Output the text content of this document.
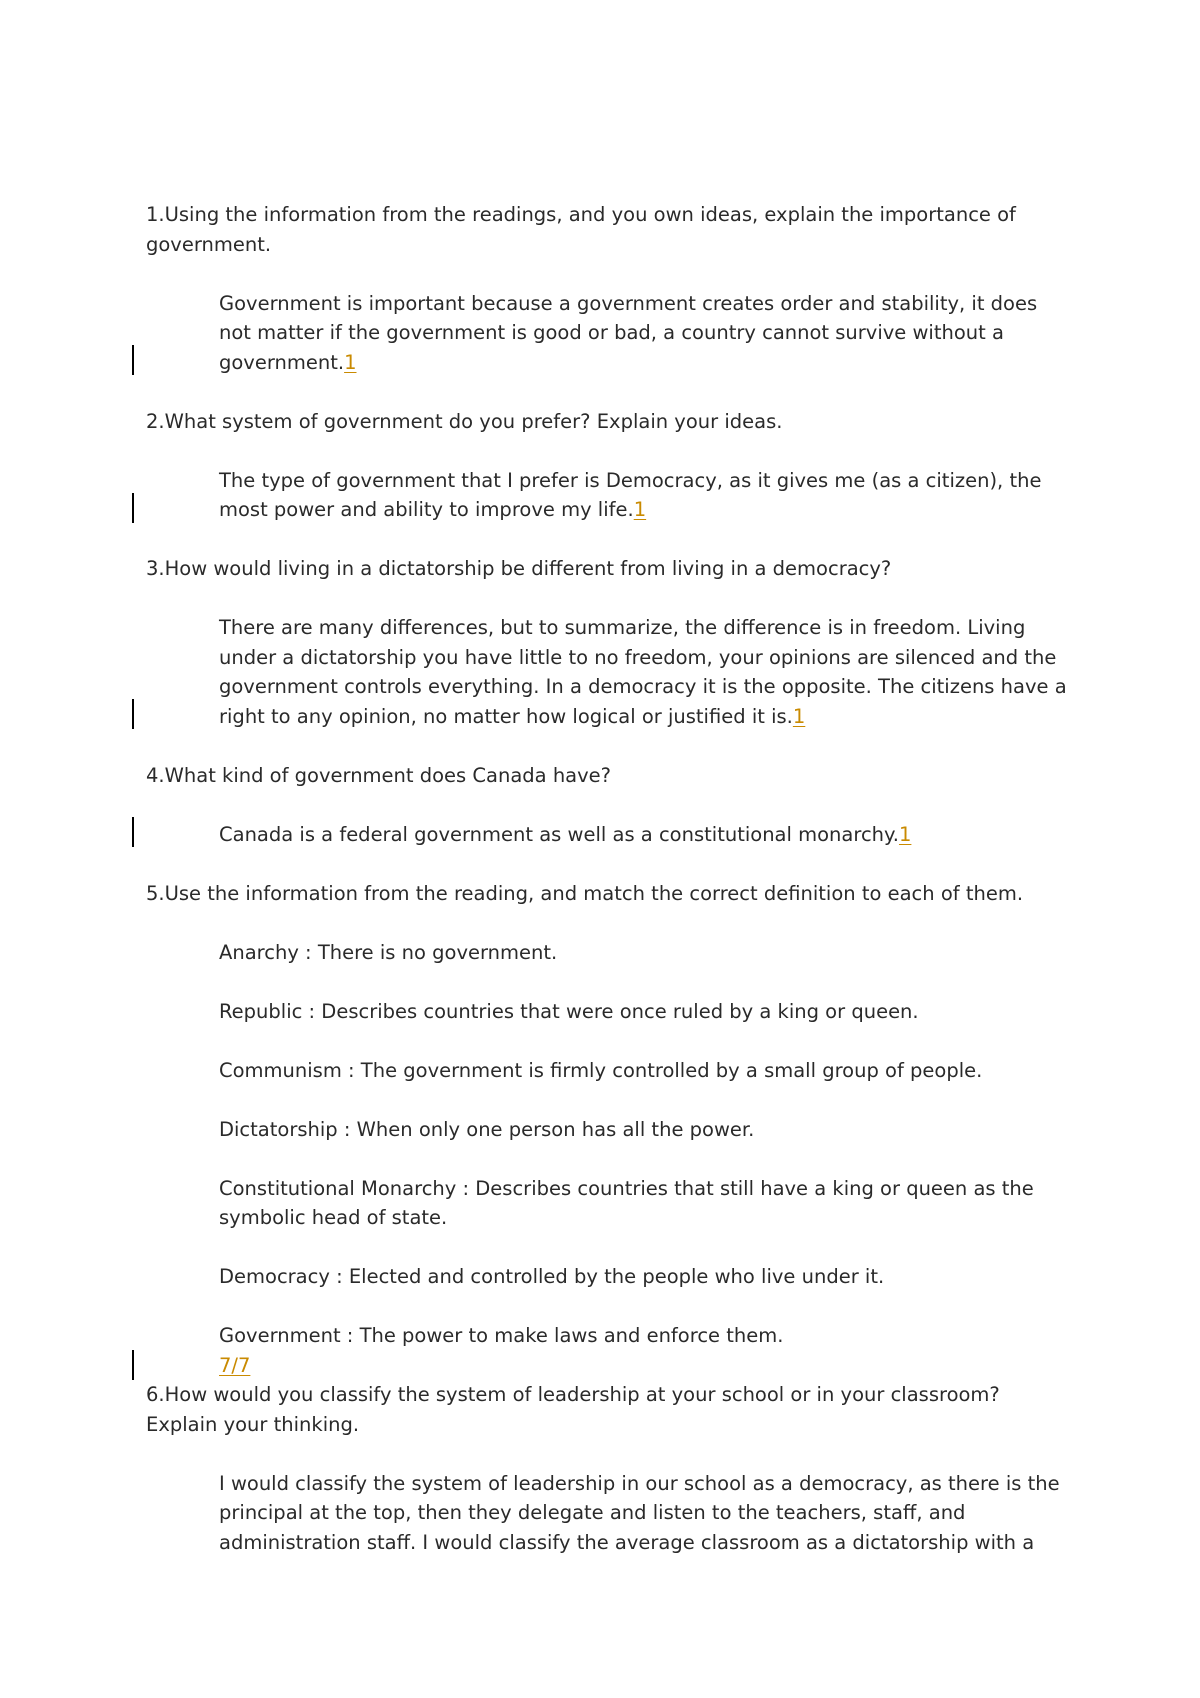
1.Using the information from the readings, and you own ideas, explain the importance of government.

Government is important because a government creates order and stability, it does not matter if the government is good or bad, a country cannot survive without a government.1

2.What system of government do you prefer? Explain your ideas.

The type of government that I prefer is Democracy, as it gives me (as a citizen), the most power and ability to improve my life.1

3.How would living in a dictatorship be different from living in a democracy?

There are many differences, but to summarize, the difference is in freedom. Living under a dictatorship you have little to no freedom, your opinions are silenced and the government controls everything. In a democracy it is the opposite. The citizens have a right to any opinion, no matter how logical or justified it is.1

4.What kind of government does Canada have?

Canada is a federal government as well as a constitutional monarchy.1

5.Use the information from the reading, and match the correct definition to each of them.

Anarchy : There is no government.

Republic : Describes countries that were once ruled by a king or queen.

Communism : The government is firmly controlled by a small group of people.

Dictatorship : When only one person has all the power.

Constitutional Monarchy : Describes countries that still have a king or queen as the symbolic head of state.

Democracy : Elected and controlled by the people who live under it.

Government : The power to make laws and enforce them.

7/7

6.How would you classify the system of leadership at your school or in your classroom? Explain your thinking.

I would classify the system of leadership in our school as a democracy, as there is the principal at the top, then they delegate and listen to the teachers, staff, and administration staff. I would classify the average classroom as a dictatorship with a
